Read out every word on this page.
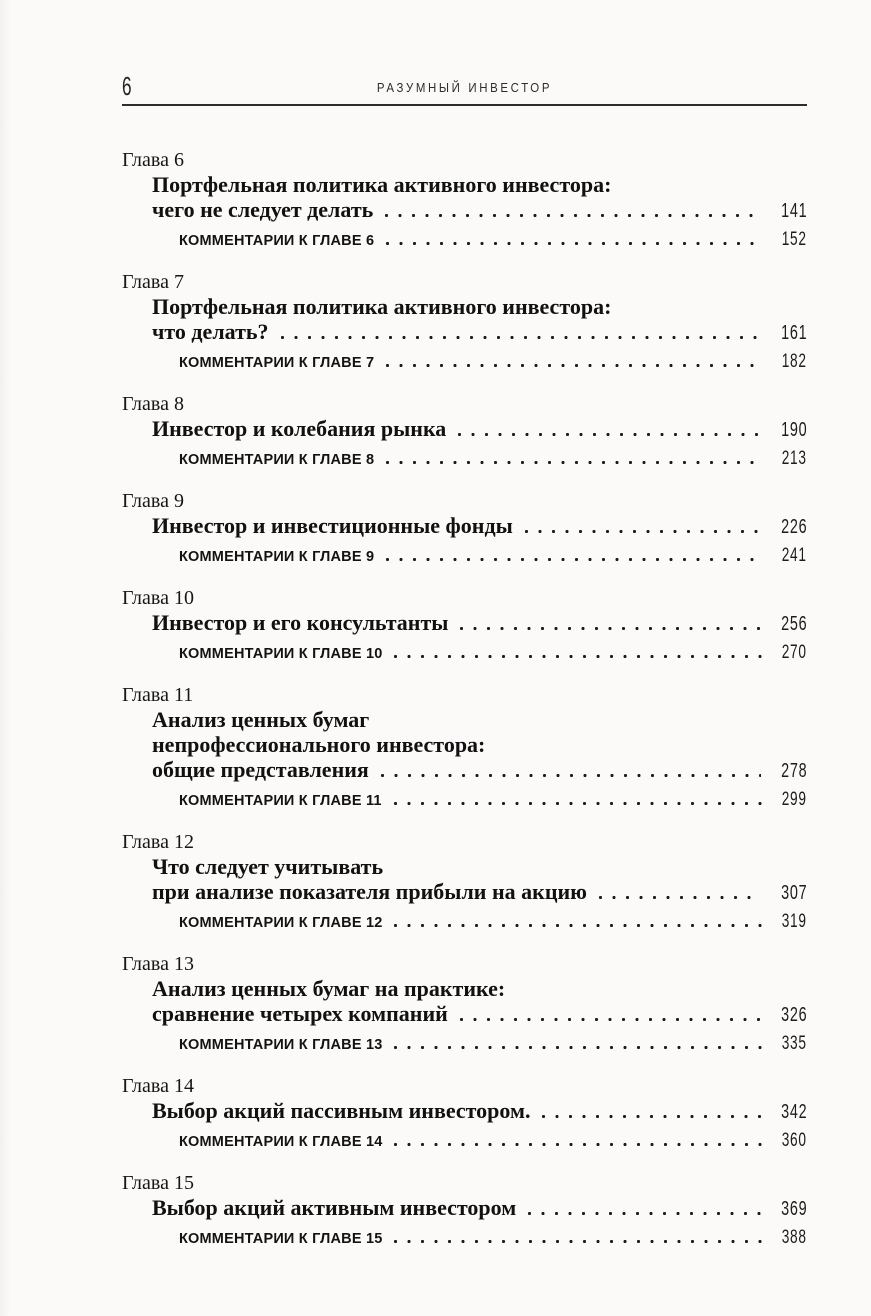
6	РАЗУМНЫЙ ИНВЕСТОР
Глава 6
Портфельная политика активного инвестора:
чего не следует делать	141
КОММЕНТАРИИ К ГЛАВЕ 6	152
Глава 7
Портфельная политика активного инвестора:
что делать?	161
КОММЕНТАРИИ К ГЛАВЕ 7	182
Глава 8
Инвестор и колебания рынка	190
КОММЕНТАРИИ К ГЛАВЕ 8	213
Глава 9
Инвестор и инвестиционные фонды	226
КОММЕНТАРИИ К ГЛАВЕ 9	241
Глава 10
Инвестор и его консультанты	256
КОММЕНТАРИИ К ГЛАВЕ 10	270
Глава 11
Анализ ценных бумаг
непрофессионального инвестора:
общие представления	278
КОММЕНТАРИИ К ГЛАВЕ 11	299
Глава 12
Что следует учитывать
при анализе показателя прибыли на акцию	307
КОММЕНТАРИИ К ГЛАВЕ 12	319
Глава 13
Анализ ценных бумаг на практике:
сравнение четырех компаний	326
КОММЕНТАРИИ К ГЛАВЕ 13	335
Глава 14
Выбор акций пассивным инвестором.	342
КОММЕНТАРИИ К ГЛАВЕ 14	360
Глава 15
Выбор акций активным инвестором	369
КОММЕНТАРИИ К ГЛАВЕ 15	388
